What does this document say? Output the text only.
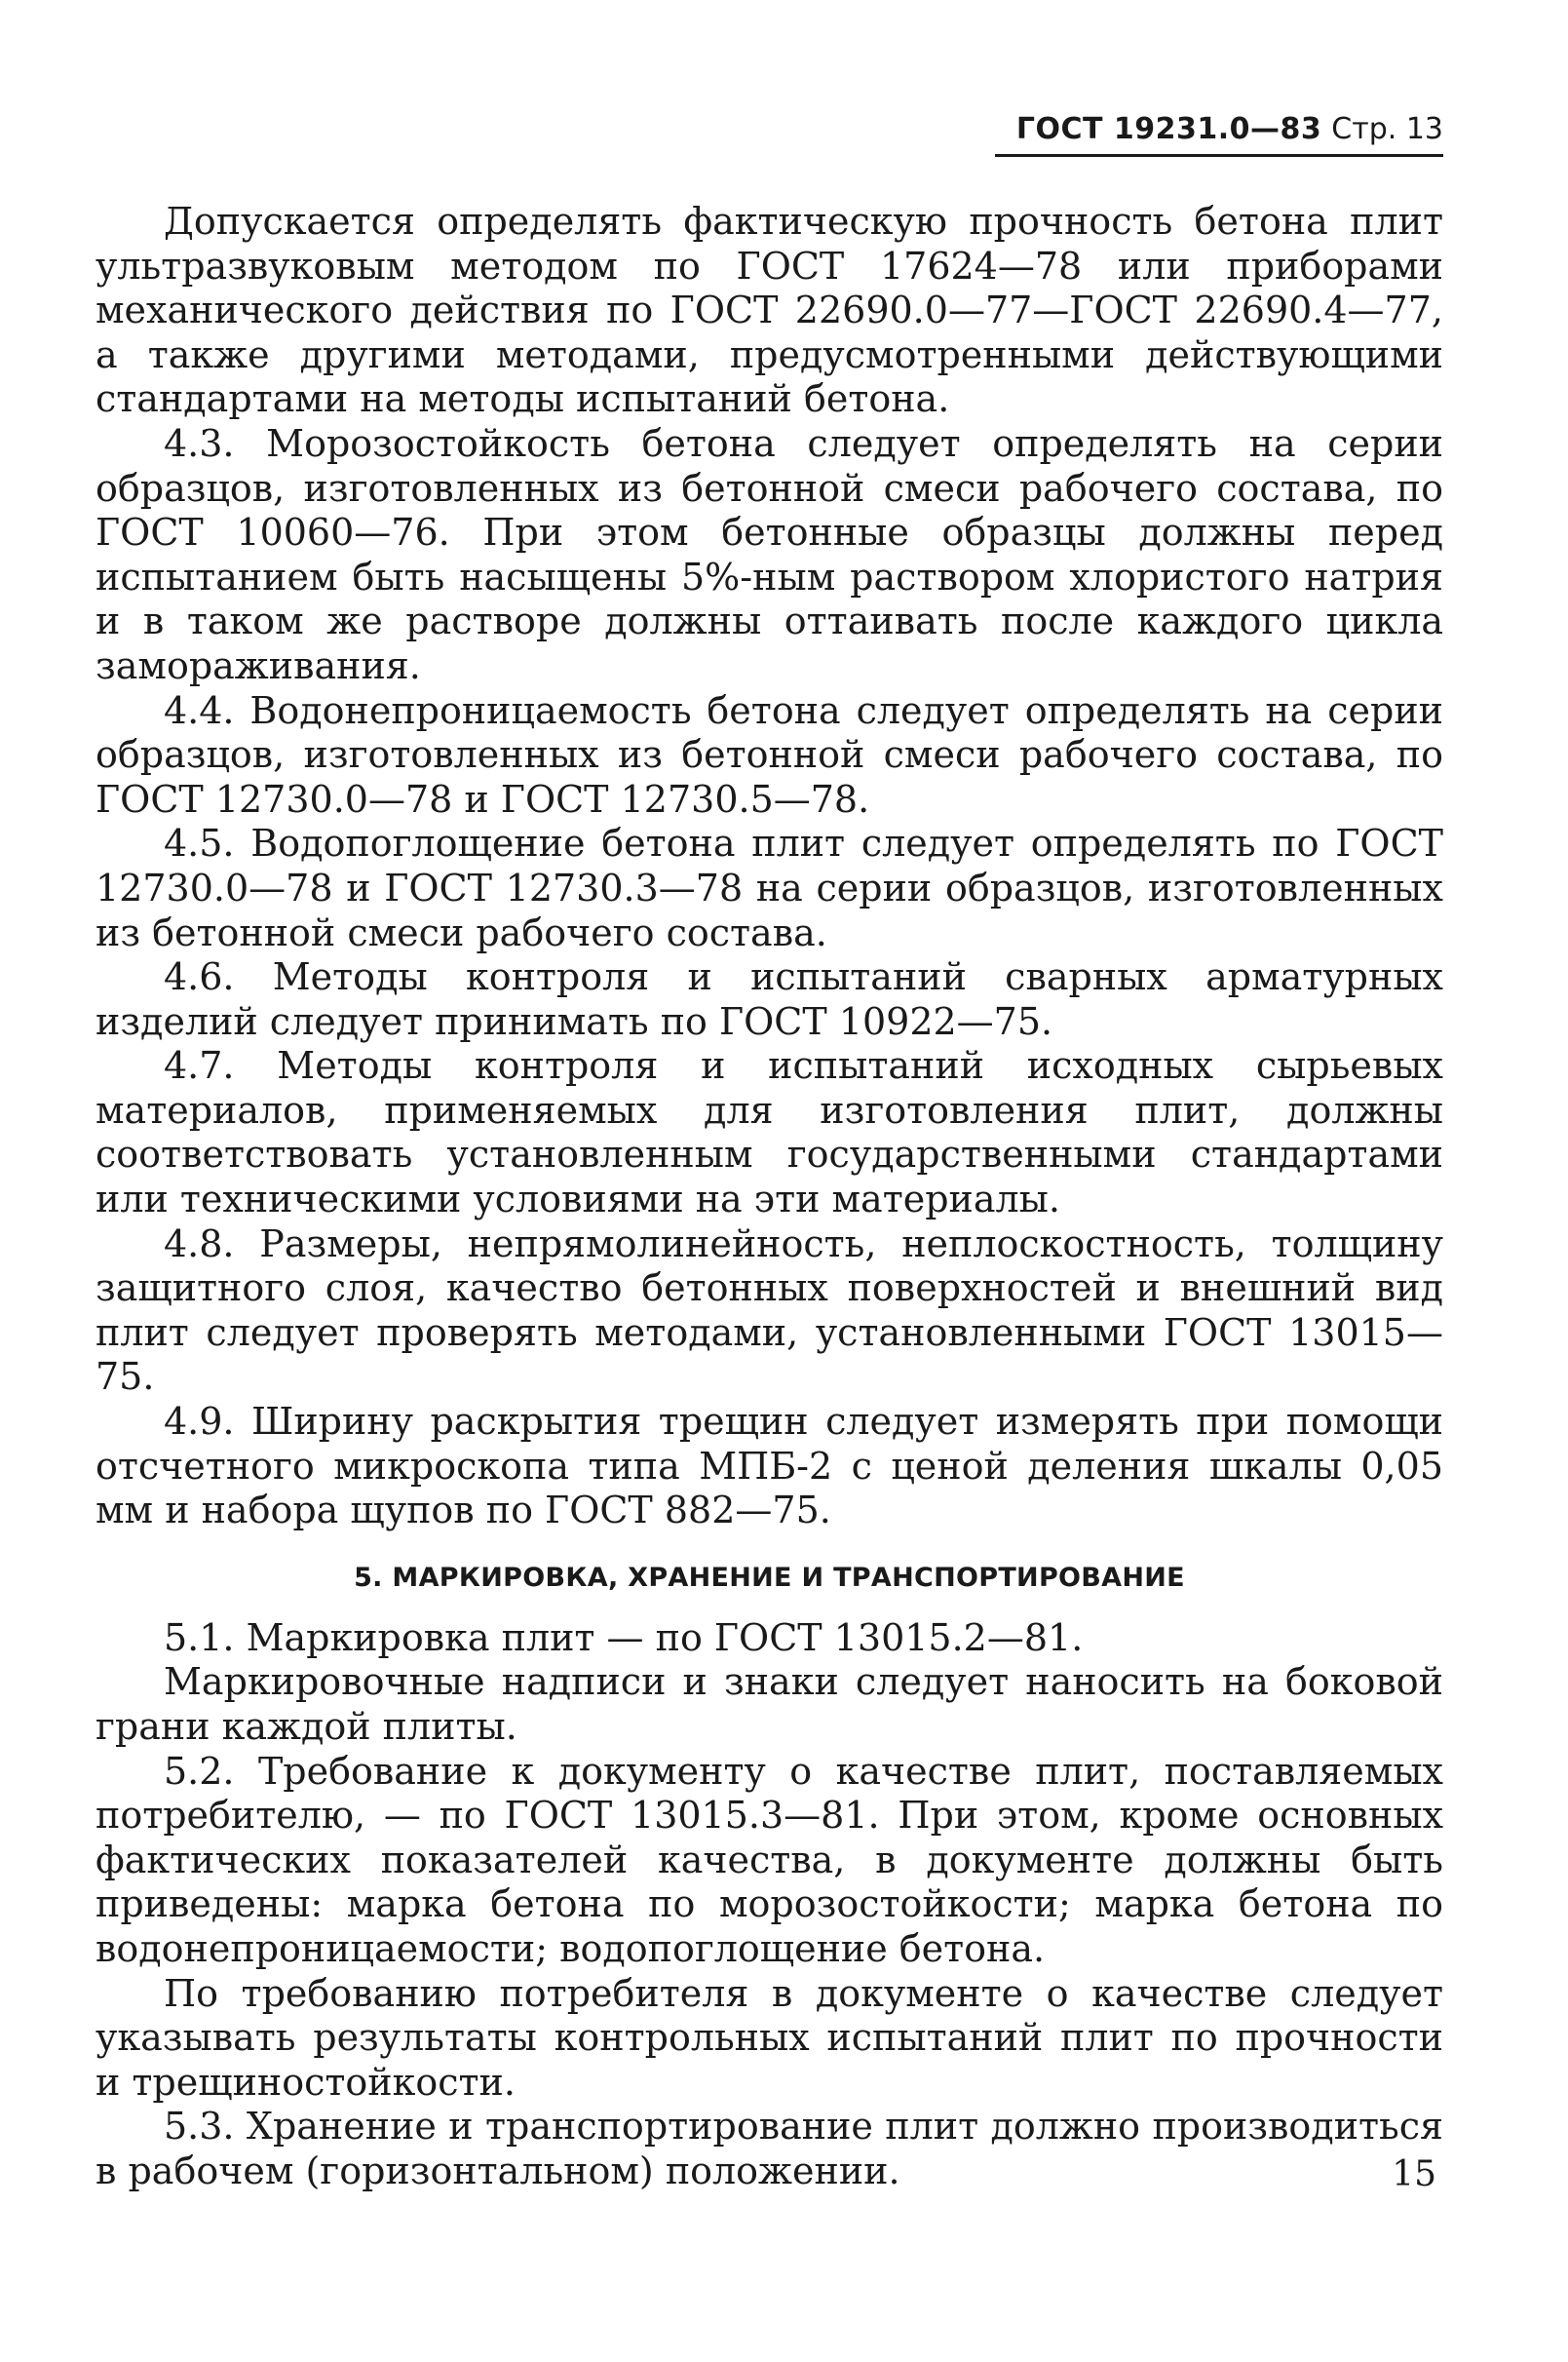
ГОСТ 19231.0—83 Стр. 13

Допускается определять фактическую прочность бетона плит ультразвуковым методом по ГОСТ 17624—78 или приборами механического действия по ГОСТ 22690.0—77—ГОСТ 22690.4—77, а также другими методами, предусмотренными действующими стандартами на методы испытаний бетона.

4.3. Морозостойкость бетона следует определять на серии образцов, изготовленных из бетонной смеси рабочего состава, по ГОСТ 10060—76. При этом бетонные образцы должны перед испытанием быть насыщены 5%-ным раствором хлористого натрия и в таком же растворе должны оттаивать после каждого цикла замораживания.

4.4. Водонепроницаемость бетона следует определять на серии образцов, изготовленных из бетонной смеси рабочего состава, по ГОСТ 12730.0—78 и ГОСТ 12730.5—78.

4.5. Водопоглощение бетона плит следует определять по ГОСТ 12730.0—78 и ГОСТ 12730.3—78 на серии образцов, изготовленных из бетонной смеси рабочего состава.

4.6. Методы контроля и испытаний сварных арматурных изделий следует принимать по ГОСТ 10922—75.

4.7. Методы контроля и испытаний исходных сырьевых материалов, применяемых для изготовления плит, должны соответствовать установленным государственными стандартами или техническими условиями на эти материалы.

4.8. Размеры, непрямолинейность, неплоскостность, толщину защитного слоя, качество бетонных поверхностей и внешний вид плит следует проверять методами, установленными ГОСТ 13015—75.

4.9. Ширину раскрытия трещин следует измерять при помощи отсчетного микроскопа типа МПБ-2 с ценой деления шкалы 0,05 мм и набора щупов по ГОСТ 882—75.

5. МАРКИРОВКА, ХРАНЕНИЕ И ТРАНСПОРТИРОВАНИЕ

5.1. Маркировка плит — по ГОСТ 13015.2—81.

Маркировочные надписи и знаки следует наносить на боковой грани каждой плиты.

5.2. Требование к документу о качестве плит, поставляемых потребителю, — по ГОСТ 13015.3—81. При этом, кроме основных фактических показателей качества, в документе должны быть приведены: марка бетона по морозостойкости; марка бетона по водонепроницаемости; водопоглощение бетона.

По требованию потребителя в документе о качестве следует указывать результаты контрольных испытаний плит по прочности и трещиностойкости.

5.3. Хранение и транспортирование плит должно производиться в рабочем (горизонтальном) положении.	15
